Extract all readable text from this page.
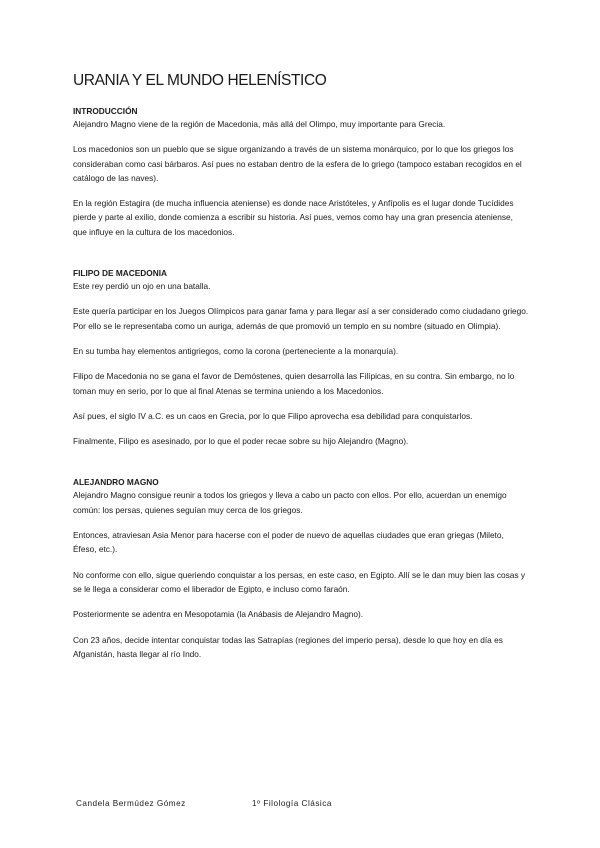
URANIA Y EL MUNDO HELENÍSTICO
INTRODUCCIÓN

Alejandro Magno viene de la región de Macedonia, más allá del Olimpo, muy importante para Grecia.

Los macedonios son un pueblo que se sigue organizando a través de un sistema monárquico, por lo que los griegos los consideraban como casi bárbaros. Así pues no estaban dentro de la esfera de lo griego (tampoco estaban recogidos en el catálogo de las naves).

En la región Estagira (de mucha influencia ateniense) es donde nace Aristóteles, y Anfípolis es el lugar donde Tucídides pierde y parte al exilio, donde comienza a escribir su historia. Así pues, vemos como hay una gran presencia ateniense, que influye en la cultura de los macedonios.

FILIPO DE MACEDONIA

Este rey perdió un ojo en una batalla.

Este quería participar en los Juegos Olímpicos para ganar fama y para llegar así a ser considerado como ciudadano griego. Por ello se le representaba como un auriga, además de que promovió un templo en su nombre (situado en Olimpia).

En su tumba hay elementos antigriegos, como la corona (perteneciente a la monarquía).

Filipo de Macedonia no se gana el favor de Demóstenes, quien desarrolla las Filípicas, en su contra. Sin embargo, no lo toman muy en serio, por lo que al final Atenas se termina uniendo a los Macedonios.

Así pues, el siglo IV a.C. es un caos en Grecia, por lo que Filipo aprovecha esa debilidad para conquistarlos.

Finalmente, Filipo es asesinado, por lo que el poder recae sobre su hijo Alejandro (Magno).

ALEJANDRO MAGNO

Alejandro Magno consigue reunir a todos los griegos y lleva a cabo un pacto con ellos. Por ello, acuerdan un enemigo común: los persas, quienes seguían muy cerca de los griegos.

Entonces, atraviesan Asia Menor para hacerse con el poder de nuevo de aquellas ciudades que eran griegas (Mileto, Éfeso, etc.).

No conforme con ello, sigue queriendo conquistar a los persas, en este caso, en Egipto. Allí se le dan muy bien las cosas y se le llega a considerar como el liberador de Egipto, e incluso como faraón.

Posteriormente se adentra en Mesopotamia (la Anábasis de Alejandro Magno).

Con 23 años, decide intentar conquistar todas las Satrapías (regiones del imperio persa), desde lo que hoy en día es Afganistán, hasta llegar al río Indo.

Candela Bermúdez Gómez	1º Filología Clásica
